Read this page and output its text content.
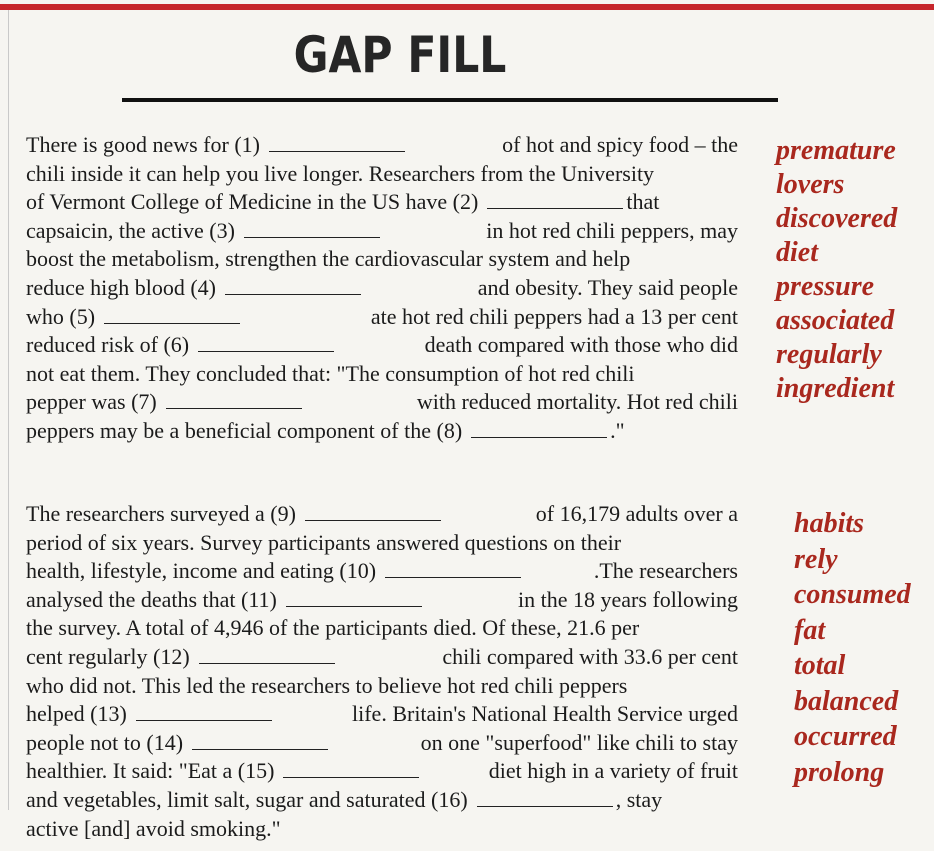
GAP FILL
There is good news for (1)	of hot and spicy food – the
chili inside it can help you live longer. Researchers from the University
of Vermont College of Medicine in the US have (2)	that
capsaicin, the active (3)	in hot red chili peppers, may
boost the metabolism, strengthen the cardiovascular system and help
reduce high blood (4)	and obesity. They said people
who (5)	ate hot red chili peppers had a 13 per cent
reduced risk of (6)	death compared with those who did
not eat them. They concluded that: "The consumption of hot red chili
pepper was (7)	with reduced mortality. Hot red chili
peppers may be a beneficial component of the (8)	."
premature
lovers
discovered
diet
pressure
associated
regularly
ingredient
The researchers surveyed a (9)	of 16,179 adults over a
period of six years. Survey participants answered questions on their
health, lifestyle, income and eating (10)	.The researchers
analysed the deaths that (11)	in the 18 years following
the survey. A total of 4,946 of the participants died. Of these, 21.6 per
cent regularly (12)	chili compared with 33.6 per cent
who did not. This led the researchers to believe hot red chili peppers
helped (13)	life. Britain's National Health Service urged
people not to (14)	on one "superfood" like chili to stay
healthier. It said: "Eat a (15)	diet high in a variety of fruit
and vegetables, limit salt, sugar and saturated (16)	, stay
active [and] avoid smoking."
habits
rely
consumed
fat
total
balanced
occurred
prolong
